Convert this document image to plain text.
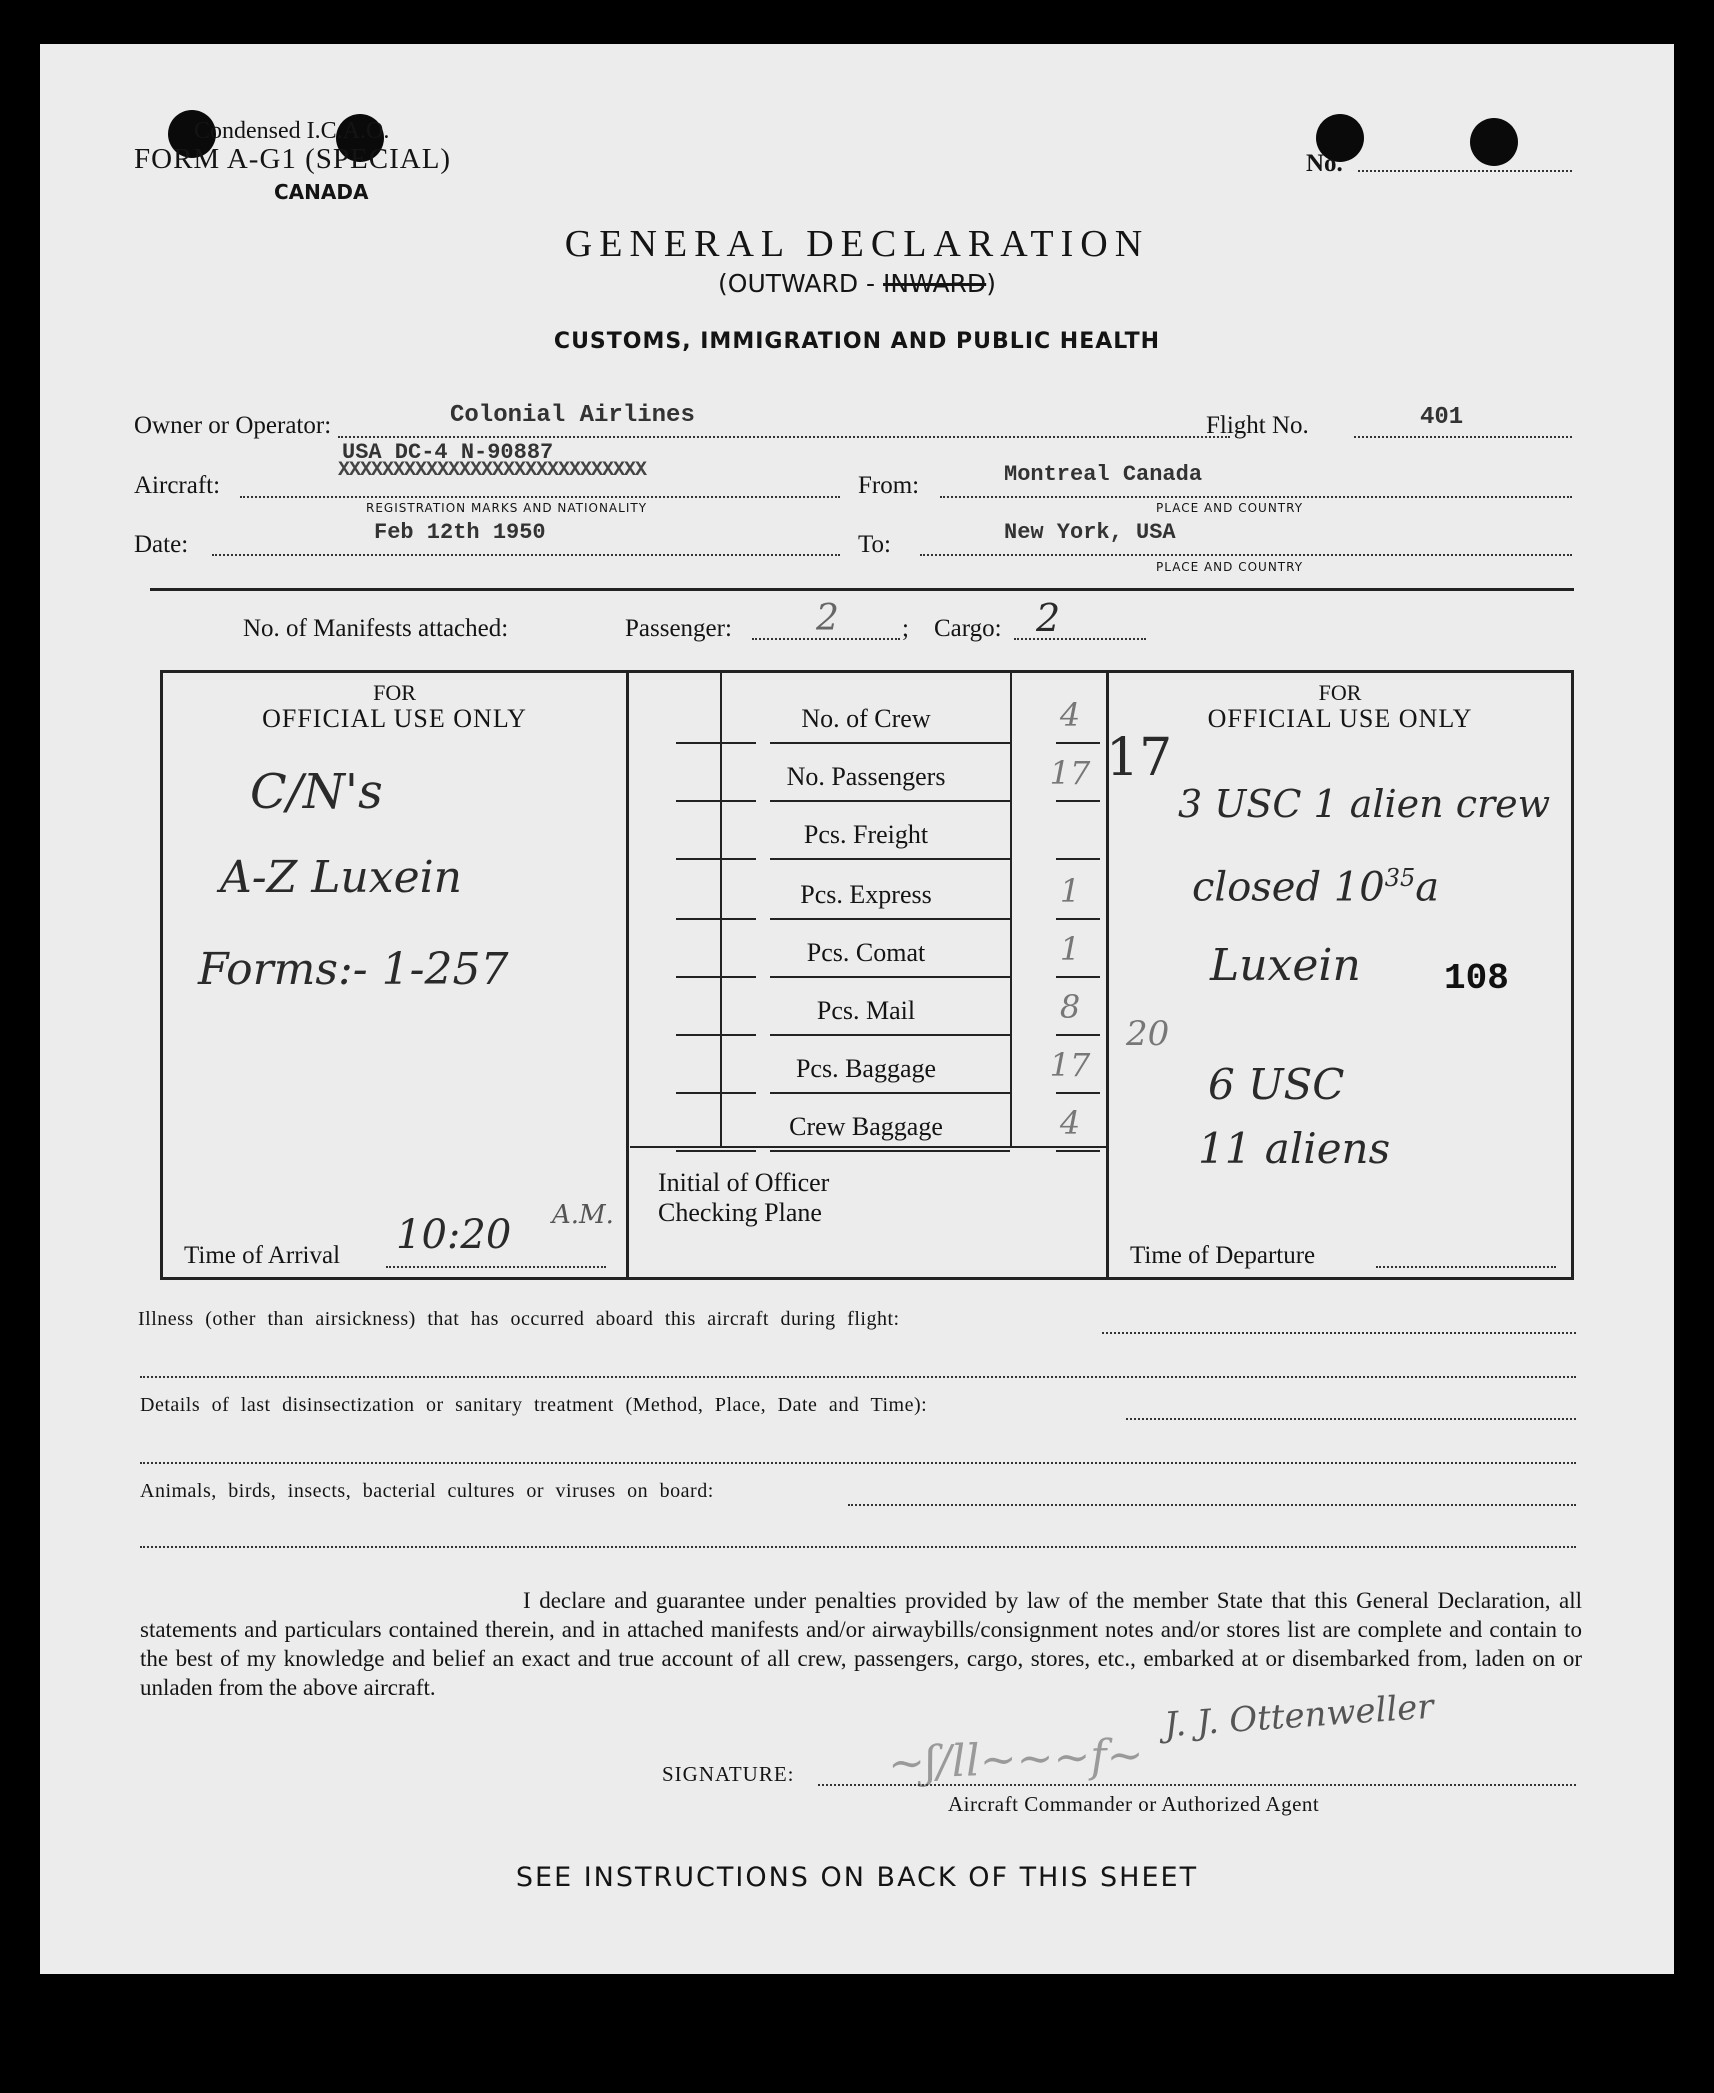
Condensed I.C.A.O.
FORM A-G1 (SPECIAL)
CANADA
No.
GENERAL DECLARATION
(OUTWARD - INWARD)
CUSTOMS, IMMIGRATION AND PUBLIC HEALTH
Owner or Operator:	Colonial Airlines	Flight No.	401
Aircraft:
USA DC-4 N-90887
XXXXXXXXXXXXXXXXXXXXXXXXXXXX
REGISTRATION MARKS AND NATIONALITY
From:	Montreal Canada
PLACE AND COUNTRY
Date:	Feb 12th 1950	To:	New York, USA
PLACE AND COUNTRY
No. of Manifests attached:	Passenger: 2	; Cargo: 2
FOR
OFFICIAL USE ONLY
C/N's
A-Z Luxein
Forms:- 1-257
Time of Arrival 10:20 A.M.
17
20
Initial of Officer
Checking Plane
FOR
OFFICIAL USE ONLY
3 USC 1 alien crew
closed $10^{35}a$
Luxein 108
6 USC
11 aliens
Time of Departure
Illness (other than airsickness) that has occurred aboard this aircraft during flight:
Details of last disinsectization or sanitary treatment (Method, Place, Date and Time):
Animals, birds, insects, bacterial cultures or viruses on board:
I declare and guarantee under penalties provided by law of the member State that this General Declaration, all statements and particulars contained therein, and in attached manifests and/or airwaybills/consignment notes and/or stores list are complete and contain to the best of my knowledge and belief an exact and true account of all crew, passengers, cargo, stores, etc., embarked at or disembarked from, laden on or unladen from the above aircraft.	J. J. Ottenweller
~ʃ/ll~~~f~
SIGNATURE:
Aircraft Commander or Authorized Agent
SEE INSTRUCTIONS ON BACK OF THIS SHEET
No. of Crew	4
No. Passengers	17
Pcs. Freight
Pcs. Express	1
Pcs. Comat	1
Pcs. Mail	8
Pcs. Baggage	17
Crew Baggage	4
